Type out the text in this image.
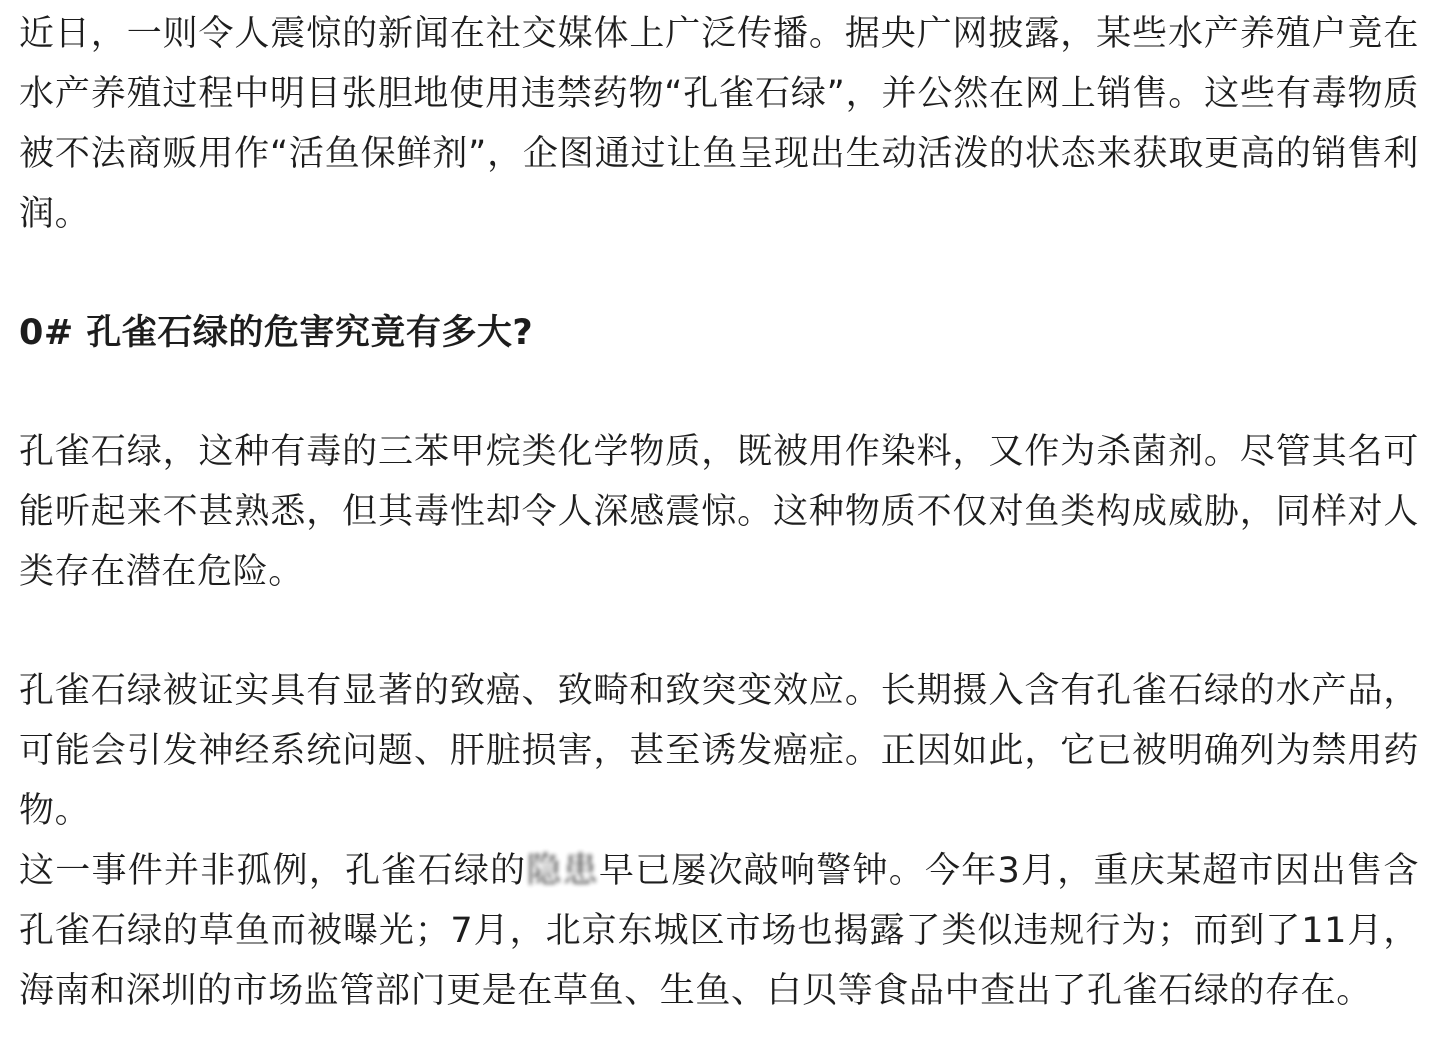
近日，一则令人震惊的新闻在社交媒体上广泛传播。据央广网披露，某些水产养殖户竟在水产养殖过程中明目张胆地使用违禁药物“孔雀石绿”，并公然在网上销售。这些有毒物质被不法商贩用作“活鱼保鲜剂”，企图通过让鱼呈现出生动活泼的状态来获取更高的销售利润。

0# 孔雀石绿的危害究竟有多大?

孔雀石绿，这种有毒的三苯甲烷类化学物质，既被用作染料，又作为杀菌剂。尽管其名可能听起来不甚熟悉，但其毒性却令人深感震惊。这种物质不仅对鱼类构成威胁，同样对人类存在潜在危险。

孔雀石绿被证实具有显著的致癌、致畸和致突变效应。长期摄入含有孔雀石绿的水产品，可能会引发神经系统问题、肝脏损害，甚至诱发癌症。正因如此，它已被明确列为禁用药物。

这一事件并非孤例，孔雀石绿的隐患早已屡次敲响警钟。今年3月，重庆某超市因出售含孔雀石绿的草鱼而被曝光；7月，北京东城区市场也揭露了类似违规行为；而到了11月，海南和深圳的市场监管部门更是在草鱼、生鱼、白贝等食品中查出了孔雀石绿的存在。
